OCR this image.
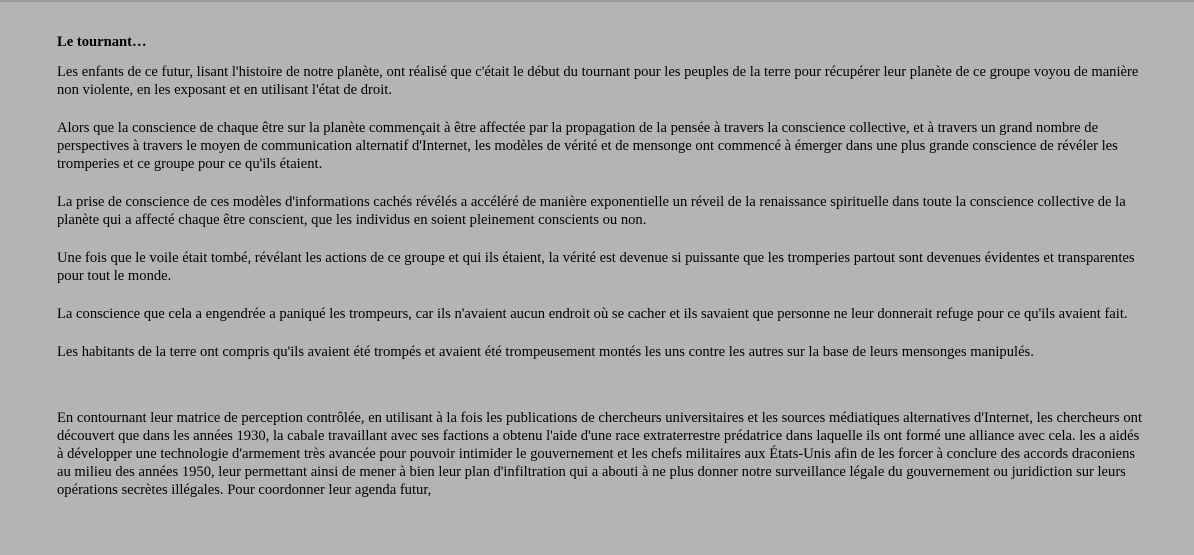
Le tournant…

Les enfants de ce futur, lisant l'histoire de notre planète, ont réalisé que c'était le début du tournant pour les peuples de la terre pour récupérer leur planète de ce groupe voyou de manière non violente, en les exposant et en utilisant l'état de droit.

Alors que la conscience de chaque être sur la planète commençait à être affectée par la propagation de la pensée à travers la conscience collective, et à travers un grand nombre de perspectives à travers le moyen de communication alternatif d'Internet, les modèles de vérité et de mensonge ont commencé à émerger dans une plus grande conscience de révéler les tromperies et ce groupe pour ce qu'ils étaient.

La prise de conscience de ces modèles d'informations cachés révélés a accéléré de manière exponentielle un réveil de la renaissance spirituelle dans toute la conscience collective de la planète qui a affecté chaque être conscient, que les individus en soient pleinement conscients ou non.

Une fois que le voile était tombé, révélant les actions de ce groupe et qui ils étaient, la vérité est devenue si puissante que les tromperies partout sont devenues évidentes et transparentes pour tout le monde.

La conscience que cela a engendrée a paniqué les trompeurs, car ils n'avaient aucun endroit où se cacher et ils savaient que personne ne leur donnerait refuge pour ce qu'ils avaient fait.

Les habitants de la terre ont compris qu'ils avaient été trompés et avaient été trompeusement montés les uns contre les autres sur la base de leurs mensonges manipulés.

En contournant leur matrice de perception contrôlée, en utilisant à la fois les publications de chercheurs universitaires et les sources médiatiques alternatives d'Internet, les chercheurs ont découvert que dans les années 1930, la cabale travaillant avec ses factions a obtenu l'aide d'une race extraterrestre prédatrice dans laquelle ils ont formé une alliance avec cela. les a aidés à développer une technologie d'armement très avancée pour pouvoir intimider le gouvernement et les chefs militaires aux États-Unis afin de les forcer à conclure des accords draconiens au milieu des années 1950, leur permettant ainsi de mener à bien leur plan d'infiltration qui a abouti à ne plus donner notre surveillance légale du gouvernement ou juridiction sur leurs opérations secrètes illégales. Pour coordonner leur agenda futur,
